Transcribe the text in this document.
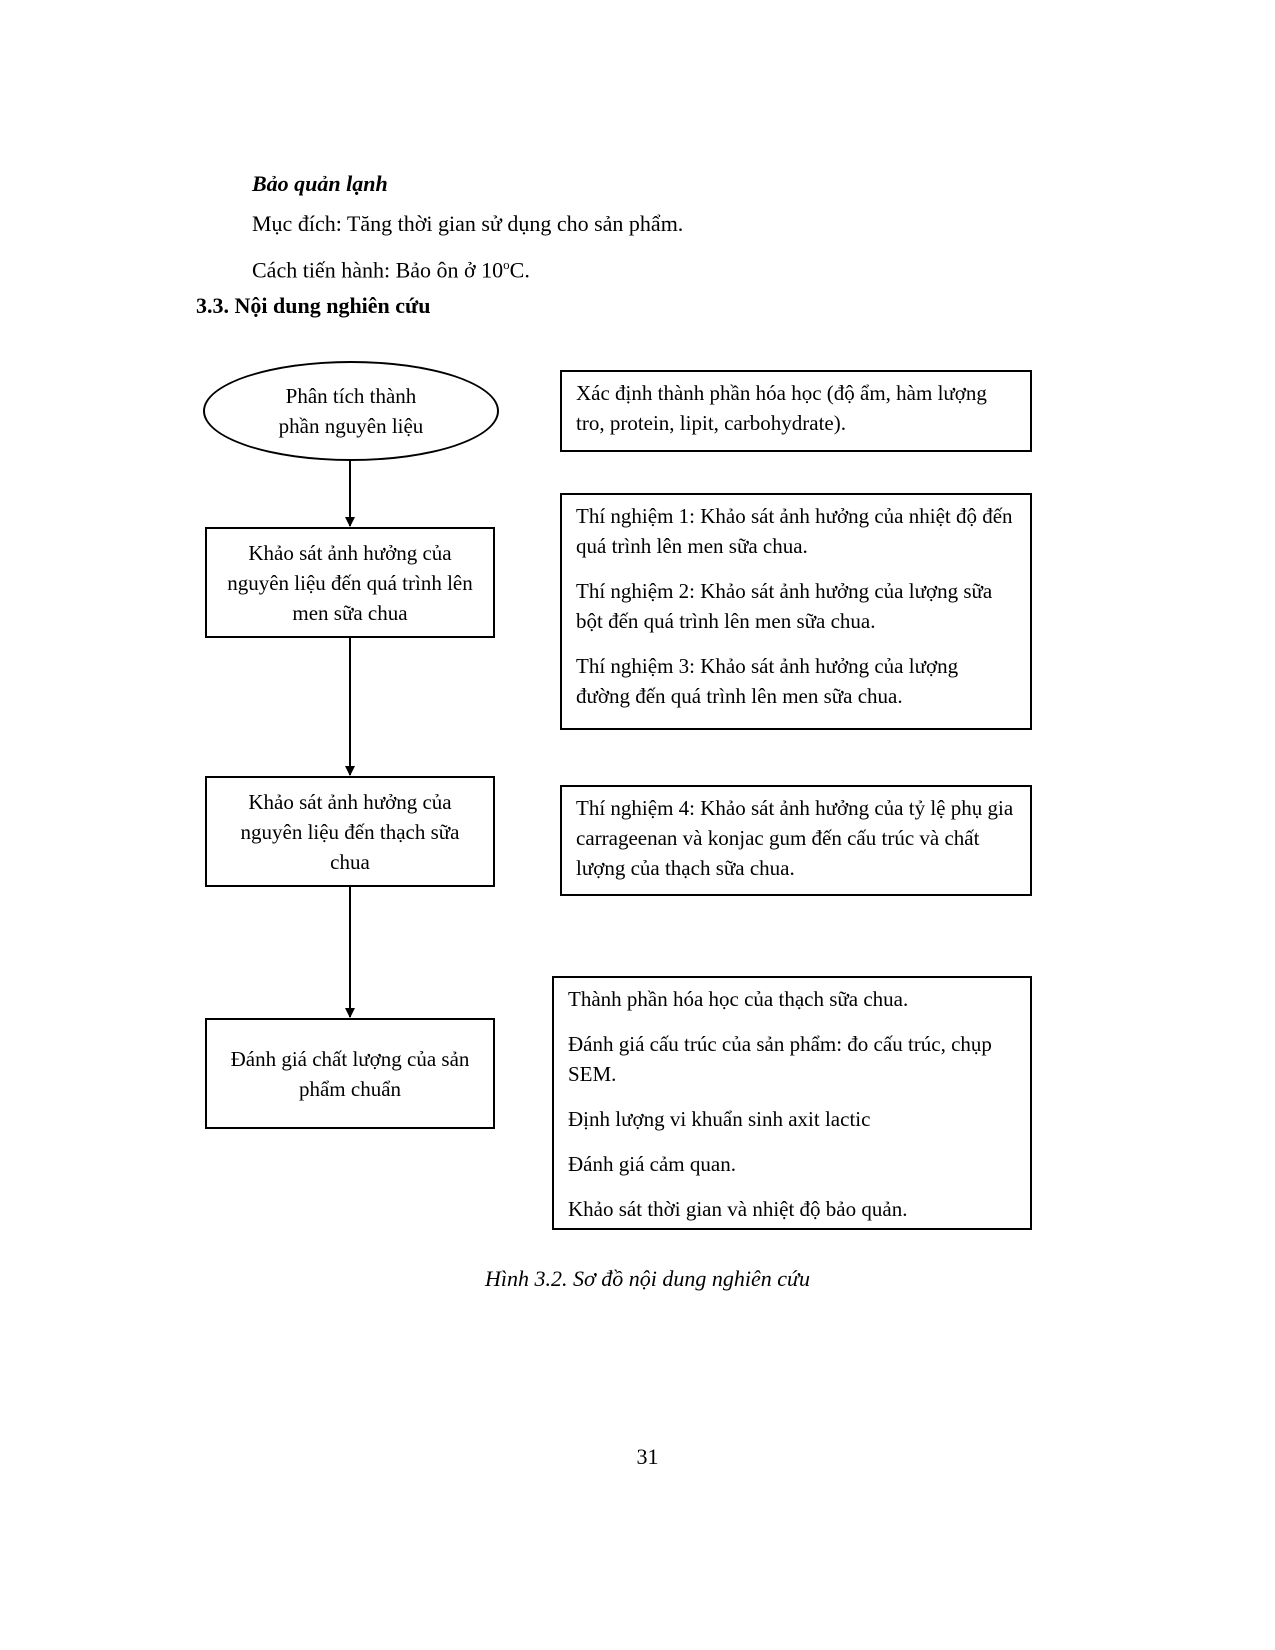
Bảo quản lạnh
Mục đích: Tăng thời gian sử dụng cho sản phẩm.
Cách tiến hành: Bảo ôn ở 10$^o$C.
3.3. Nội dung nghiên cứu
Phân tích thành
phần nguyên liệu
Khảo sát ảnh hưởng của nguyên liệu đến quá trình lên men sữa chua
Khảo sát ảnh hưởng của nguyên liệu đến thạch sữa chua
Đánh giá chất lượng của sản phẩm chuẩn

Xác định thành phần hóa học (độ ẩm, hàm lượng tro, protein, lipit, carbohydrate).

Thí nghiệm 1: Khảo sát ảnh hưởng của nhiệt độ đến quá trình lên men sữa chua.

Thí nghiệm 2: Khảo sát ảnh hưởng của lượng sữa bột đến quá trình lên men sữa chua.

Thí nghiệm 3: Khảo sát ảnh hưởng của lượng đường đến quá trình lên men sữa chua.

Thí nghiệm 4: Khảo sát ảnh hưởng của tỷ lệ phụ gia carrageenan và konjac gum đến cấu trúc và chất lượng của thạch sữa chua.

Thành phần hóa học của thạch sữa chua.

Đánh giá cấu trúc của sản phẩm: đo cấu trúc, chụp SEM.

Định lượng vi khuẩn sinh axit lactic

Đánh giá cảm quan.

Khảo sát thời gian và nhiệt độ bảo quản.

Hình 3.2. Sơ đồ nội dung nghiên cứu
31
